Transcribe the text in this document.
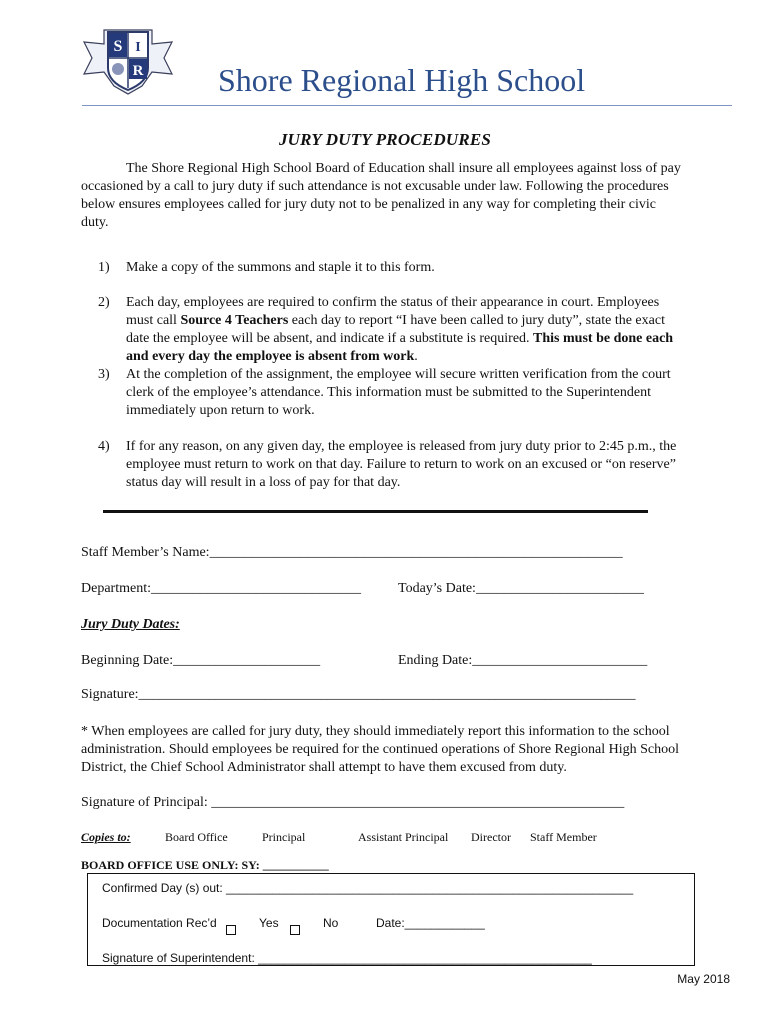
S I
R Shore Regional High School
JURY DUTY PROCEDURES
The Shore Regional High School Board of Education shall insure all employees against loss of pay
occasioned by a call to jury duty if such attendance is not excusable under law. Following the procedures
below ensures employees called for jury duty not to be penalized in any way for completing their civic
duty.
1) Make a copy of the summons and staple it to this form.
2) Each day, employees are required to confirm the status of their appearance in court. Employees
must call Source 4 Teachers each day to report “I have been called to jury duty”, state the exact
date the employee will be absent, and indicate if a substitute is required. This must be done each
and every day the employee is absent from work.
3) At the completion of the assignment, the employee will secure written verification from the court
clerk of the employee’s attendance. This information must be submitted to the Superintendent
immediately upon return to work.
4) If for any reason, on any given day, the employee is released from jury duty prior to 2:45 p.m., the
employee must return to work on that day. Failure to return to work on an excused or “on reserve”
status day will result in a loss of pay for that day.
Staff Member’s Name:___________________________________________________________
Department:______________________________	Today’s Date:________________________
Jury Duty Dates:
Beginning Date:_____________________	Ending Date:_________________________
Signature:_______________________________________________________________________
* When employees are called for jury duty, they should immediately report this information to the school
administration. Should employees be required for the continued operations of Shore Regional High School
District, the Chief School Administrator shall attempt to have them excused from duty.
Signature of Principal: ___________________________________________________________
Copies to:	Board Office	Principal	Assistant Principal Director Staff Member
BOARD OFFICE USE ONLY: SY: ___________
Confirmed Day (s) out: _____________________________________________________________
Documentation Rec’d	Yes	No	Date:____________
Signature of Superintendent: __________________________________________________
May 2018
